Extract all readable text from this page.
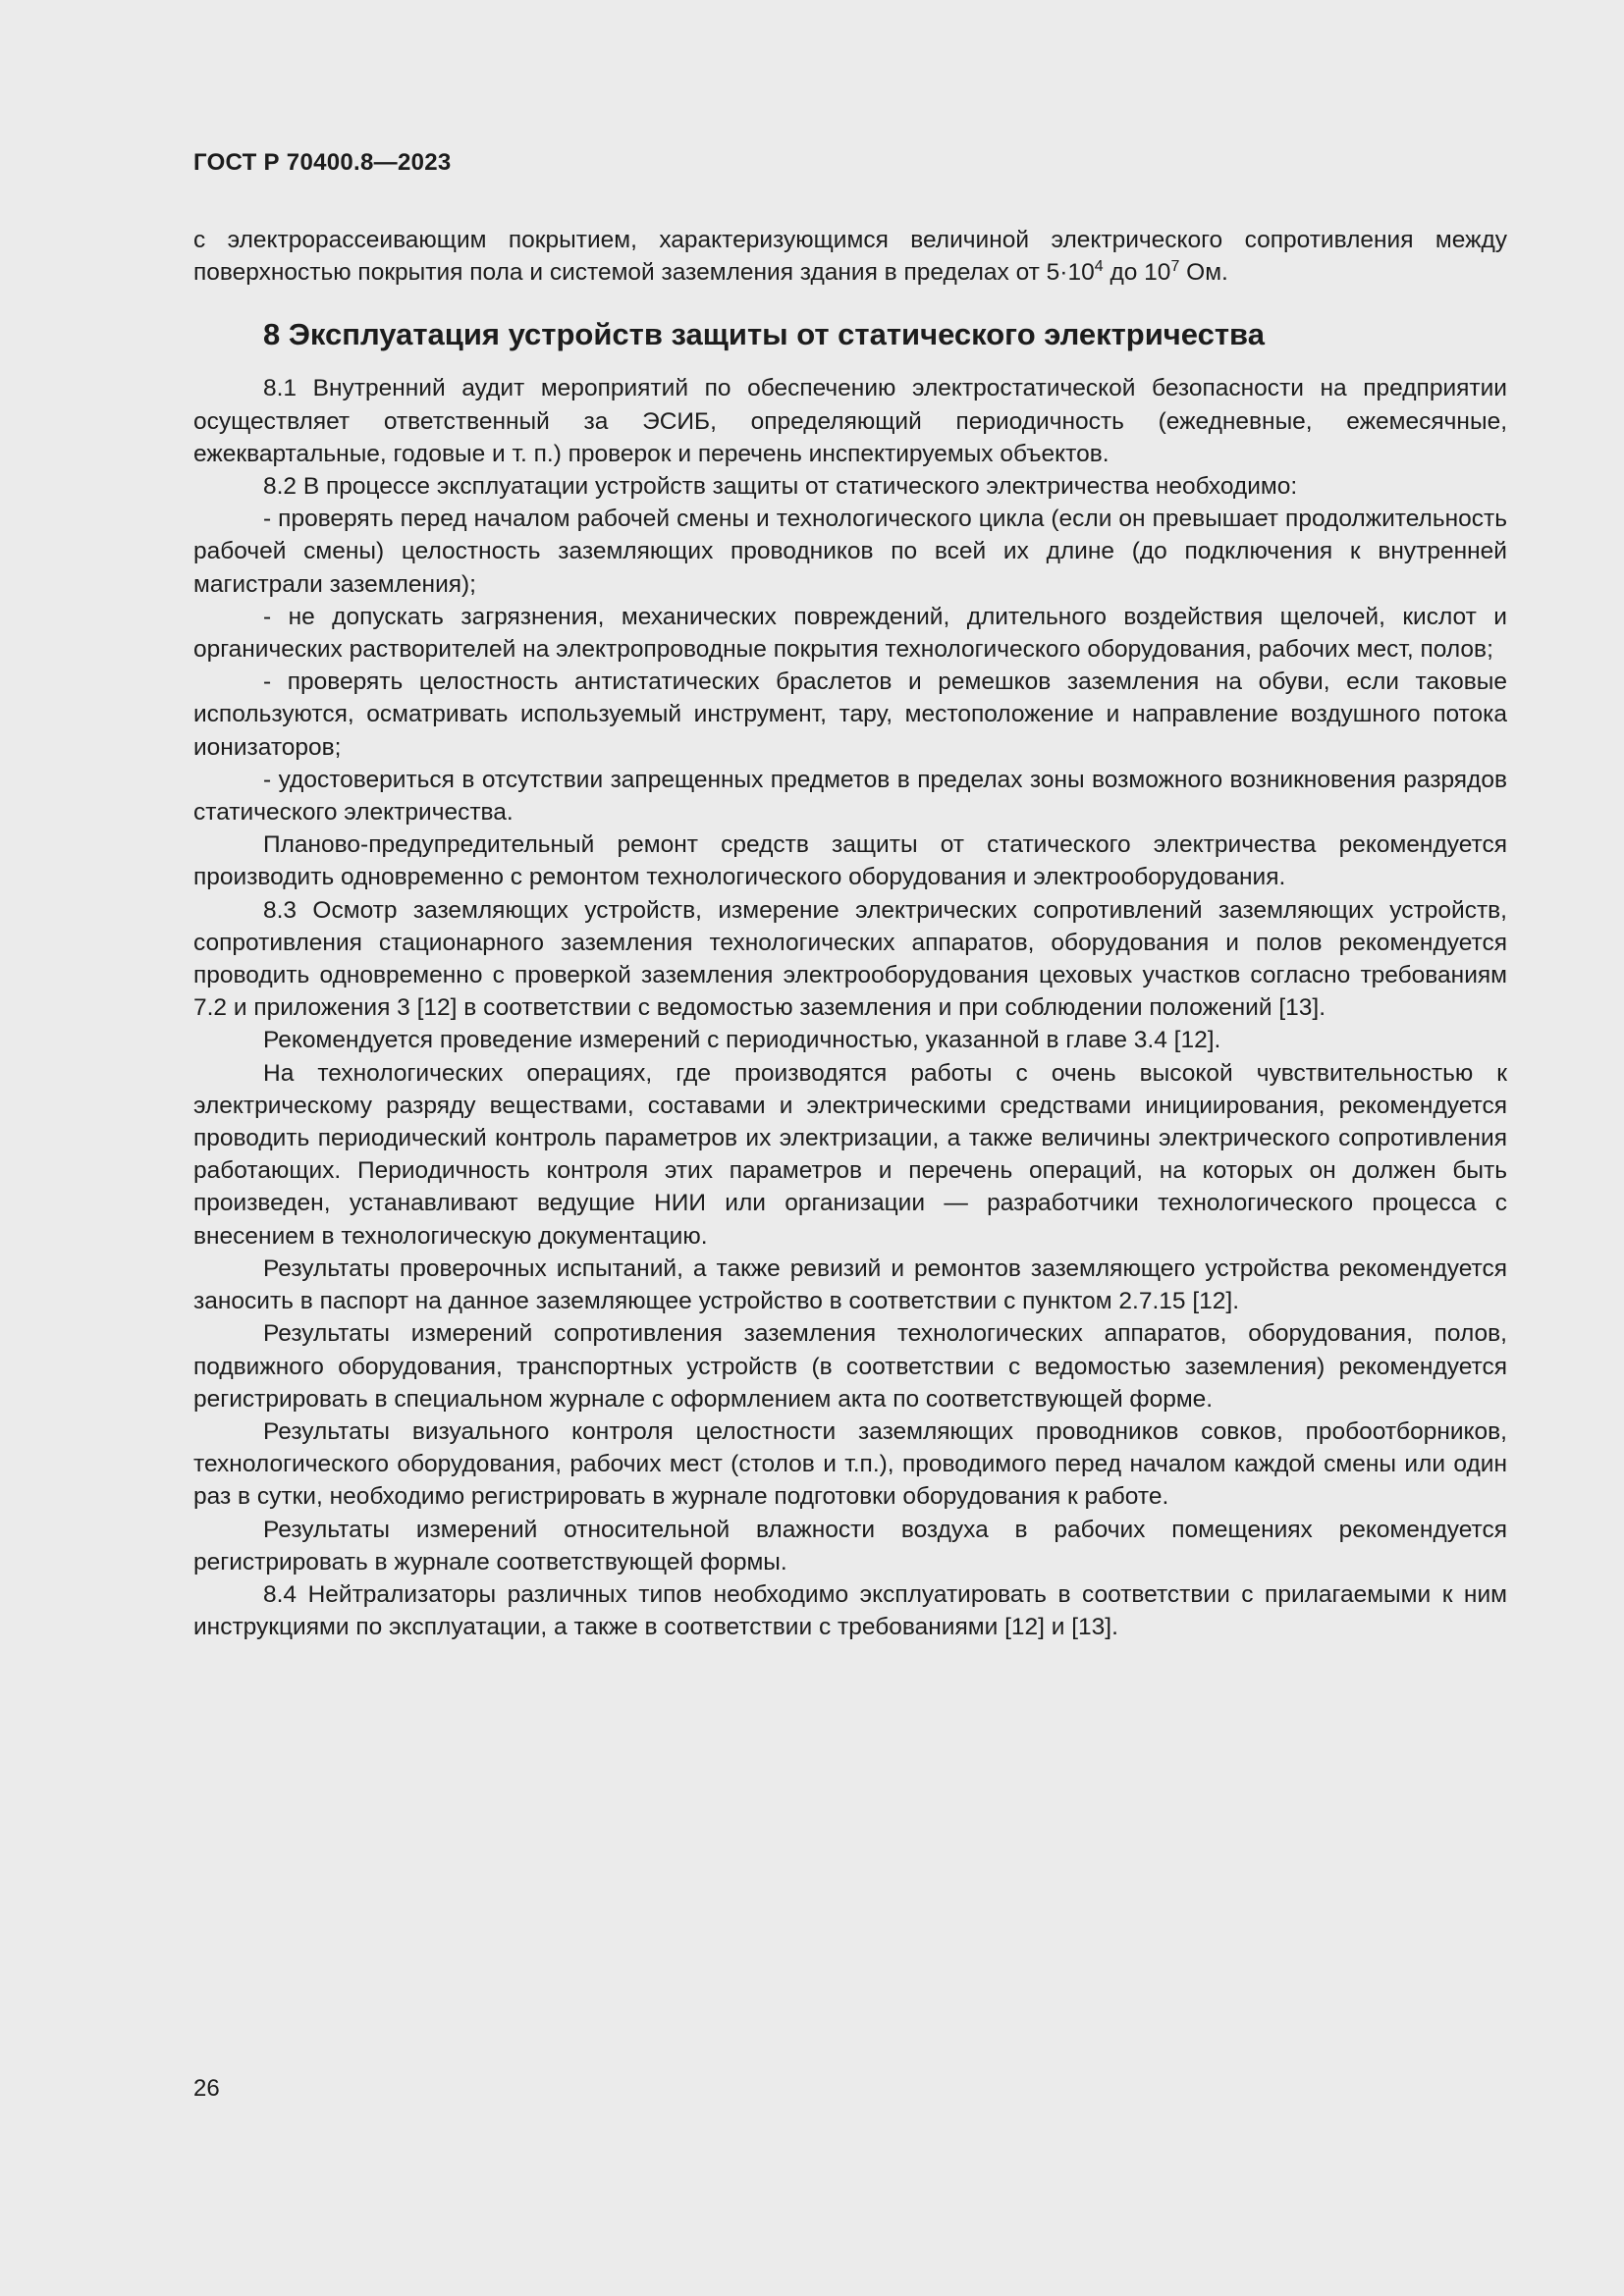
ГОСТ Р 70400.8—2023

с электрорассеивающим покрытием, характеризующимся величиной электрического сопротивления между поверхностью покрытия пола и системой заземления здания в пределах от $5\cdot 10^4$ до $10^7$ Ом.

8 Эксплуатация устройств защиты от статического электричества

8.1 Внутренний аудит мероприятий по обеспечению электростатической безопасности на предприятии осуществляет ответственный за ЭСИБ, определяющий периодичность (ежедневные, ежемесячные, ежеквартальные, годовые и т. п.) проверок и перечень инспектируемых объектов.

8.2 В процессе эксплуатации устройств защиты от статического электричества необходимо:

- проверять перед началом рабочей смены и технологического цикла (если он превышает продолжительность рабочей смены) целостность заземляющих проводников по всей их длине (до подключения к внутренней магистрали заземления);

- не допускать загрязнения, механических повреждений, длительного воздействия щелочей, кислот и органических растворителей на электропроводные покрытия технологического оборудования, рабочих мест, полов;

- проверять целостность антистатических браслетов и ремешков заземления на обуви, если таковые используются, осматривать используемый инструмент, тару, местоположение и направление воздушного потока ионизаторов;

- удостовериться в отсутствии запрещенных предметов в пределах зоны возможного возникновения разрядов статического электричества.

Планово-предупредительный ремонт средств защиты от статического электричества рекомендуется производить одновременно с ремонтом технологического оборудования и электрооборудования.

8.3 Осмотр заземляющих устройств, измерение электрических сопротивлений заземляющих устройств, сопротивления стационарного заземления технологических аппаратов, оборудования и полов рекомендуется проводить одновременно с проверкой заземления электрооборудования цеховых участков согласно требованиям 7.2 и приложения 3 [12] в соответствии с ведомостью заземления и при соблюдении положений [13].

Рекомендуется проведение измерений с периодичностью, указанной в главе 3.4 [12].

На технологических операциях, где производятся работы с очень высокой чувствительностью к электрическому разряду веществами, составами и электрическими средствами инициирования, рекомендуется проводить периодический контроль параметров их электризации, а также величины электрического сопротивления работающих. Периодичность контроля этих параметров и перечень операций, на которых он должен быть произведен, устанавливают ведущие НИИ или организации — разработчики технологического процесса с внесением в технологическую документацию.

Результаты проверочных испытаний, а также ревизий и ремонтов заземляющего устройства рекомендуется заносить в паспорт на данное заземляющее устройство в соответствии с пунктом 2.7.15 [12].

Результаты измерений сопротивления заземления технологических аппаратов, оборудования, полов, подвижного оборудования, транспортных устройств (в соответствии с ведомостью заземления) рекомендуется регистрировать в специальном журнале с оформлением акта по соответствующей форме.

Результаты визуального контроля целостности заземляющих проводников совков, пробоотборников, технологического оборудования, рабочих мест (столов и т.п.), проводимого перед началом каждой смены или один раз в сутки, необходимо регистрировать в журнале подготовки оборудования к работе.

Результаты измерений относительной влажности воздуха в рабочих помещениях рекомендуется регистрировать в журнале соответствующей формы.

8.4 Нейтрализаторы различных типов необходимо эксплуатировать в соответствии с прилагаемыми к ним инструкциями по эксплуатации, а также в соответствии с требованиями [12] и [13].

26
